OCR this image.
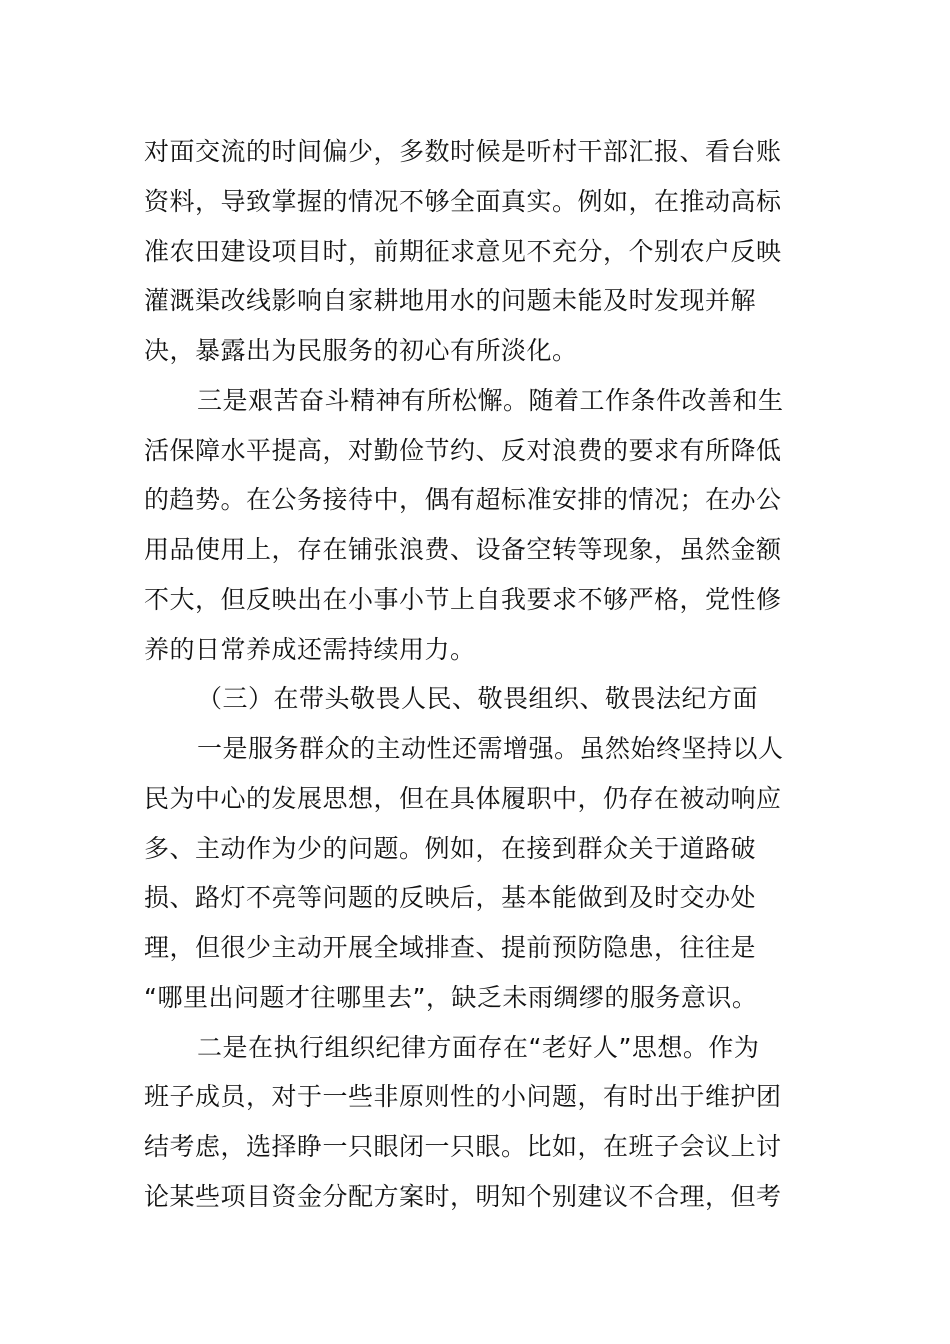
对面交流的时间偏少，多数时候是听村干部汇报、看台账
资料，导致掌握的情况不够全面真实。例如，在推动高标
准农田建设项目时，前期征求意见不充分，个别农户反映
灌溉渠改线影响自家耕地用水的问题未能及时发现并解
决，暴露出为民服务的初心有所淡化。
三是艰苦奋斗精神有所松懈。随着工作条件改善和生
活保障水平提高，对勤俭节约、反对浪费的要求有所降低
的趋势。在公务接待中，偶有超标准安排的情况；在办公
用品使用上，存在铺张浪费、设备空转等现象，虽然金额
不大，但反映出在小事小节上自我要求不够严格，党性修
养的日常养成还需持续用力。
（三）在带头敬畏人民、敬畏组织、敬畏法纪方面
一是服务群众的主动性还需增强。虽然始终坚持以人
民为中心的发展思想，但在具体履职中，仍存在被动响应
多、主动作为少的问题。例如，在接到群众关于道路破
损、路灯不亮等问题的反映后，基本能做到及时交办处
理，但很少主动开展全域排查、提前预防隐患，往往是
“哪里出问题才往哪里去”，缺乏未雨绸缪的服务意识。
二是在执行组织纪律方面存在“老好人”思想。作为
班子成员，对于一些非原则性的小问题，有时出于维护团
结考虑，选择睁一只眼闭一只眼。比如，在班子会议上讨
论某些项目资金分配方案时，明知个别建议不合理，但考
